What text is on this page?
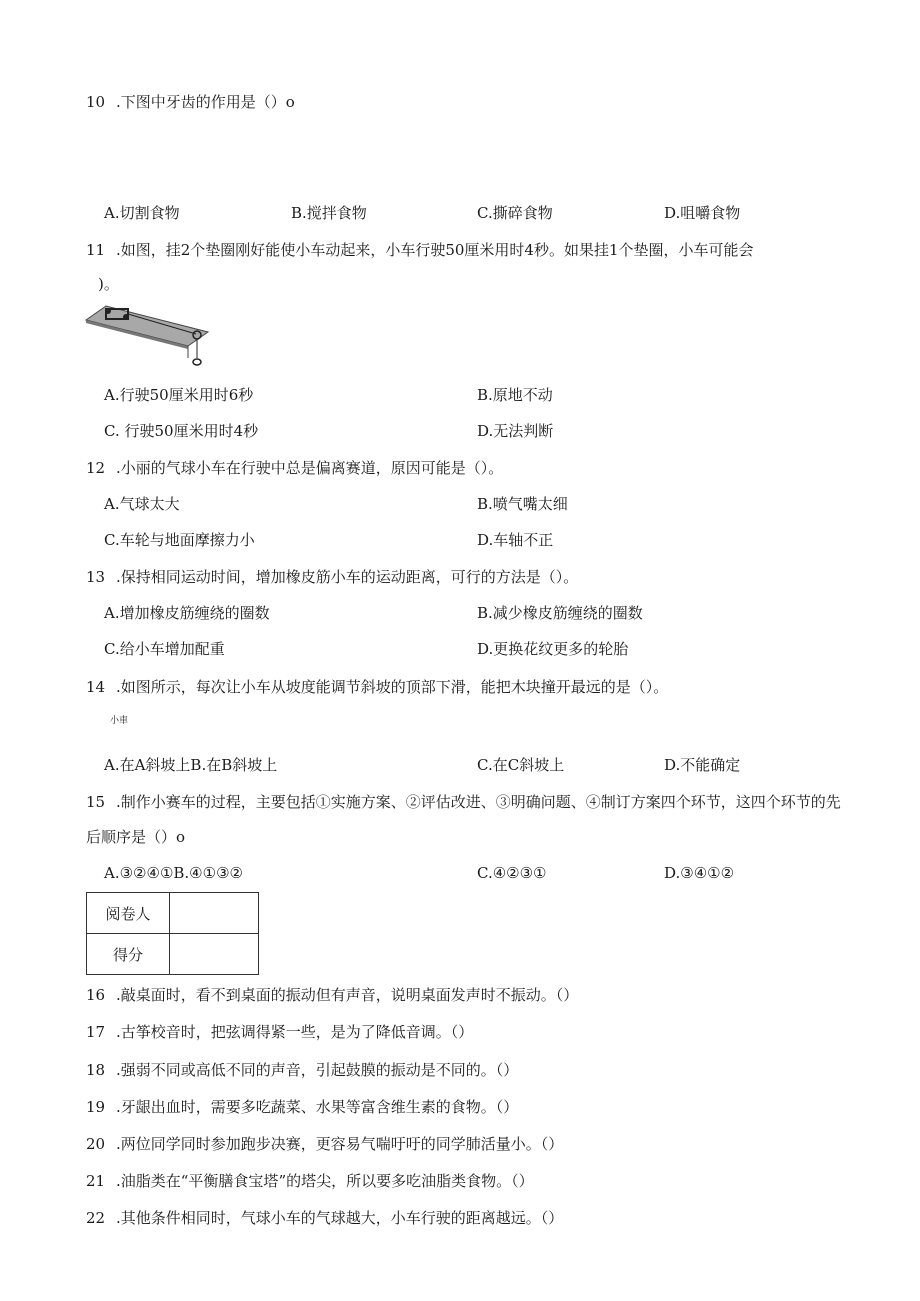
10 .下图中牙齿的作用是（）o
A.切割食物	B.搅拌食物	C.撕碎食物	D.咀嚼食物
11 .如图，挂2个垫圈刚好能使小车动起来，小车行驶50厘米用时4秒。如果挂1个垫圈，小车可能会
)。
A.行驶50厘米用时6秒	B.原地不动
C. 行驶50厘米用时4秒	D.无法判断
12 .小丽的气球小车在行驶中总是偏离赛道，原因可能是（）。
A.气球太大	B.喷气嘴太细
C.车轮与地面摩擦力小	D.车轴不正
13 .保持相同运动时间，增加橡皮筋小车的运动距离，可行的方法是（）。
A.增加橡皮筋缠绕的圈数	B.减少橡皮筋缠绕的圈数
C.给小车增加配重	D.更换花纹更多的轮胎
14 .如图所示，每次让小车从坡度能调节斜坡的顶部下滑，能把木块撞开最远的是（）。
小車
A.在A斜坡上B.在B斜坡上	C.在C斜坡上	D.不能确定
15 .制作小赛车的过程，主要包括①实施方案、②评估改进、③明确问题、④制订方案四个环节，这四个环节的先
后顺序是（）o
A.③②④①B.④①③②	C.④②③①	D.③④①②
阅卷人	
得分	
16 .敲桌面时，看不到桌面的振动但有声音，说明桌面发声时不振动。（）
17 .古筝校音时，把弦调得紧一些，是为了降低音调。（）
18 .强弱不同或高低不同的声音，引起鼓膜的振动是不同的。（）
19 .牙龈出血时，需要多吃蔬菜、水果等富含维生素的食物。（）
20 .两位同学同时参加跑步决赛，更容易气喘吁吁的同学肺活量小。（）
21 .油脂类在“平衡膳食宝塔”的塔尖，所以要多吃油脂类食物。（）
22 .其他条件相同时，气球小车的气球越大，小车行驶的距离越远。（）
